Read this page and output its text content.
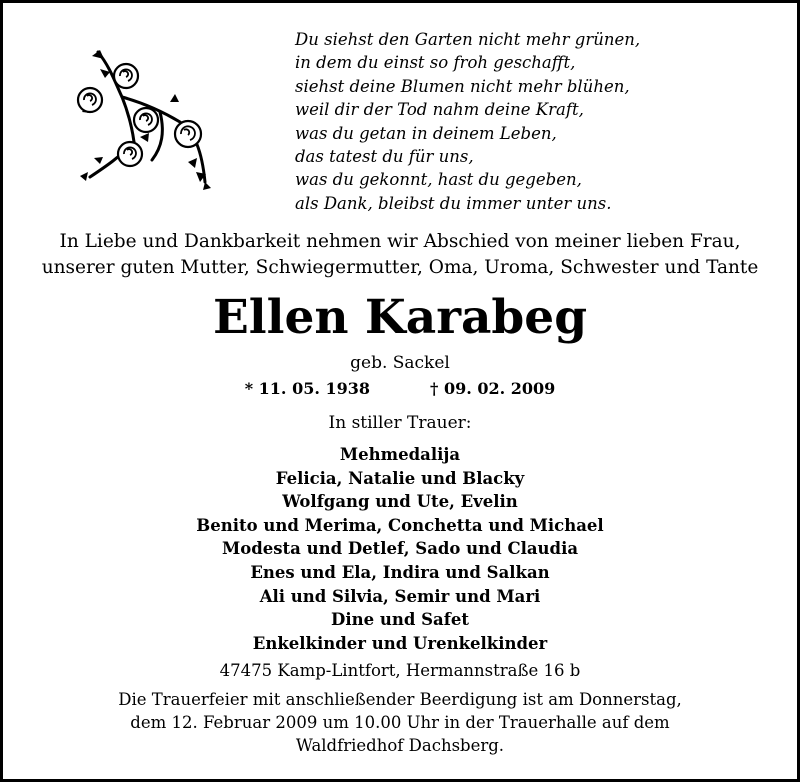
Du siehst den Garten nicht mehr grünen,
in dem du einst so froh geschafft,
siehst deine Blumen nicht mehr blühen,
weil dir der Tod nahm deine Kraft,
was du getan in deinem Leben,
das tatest du für uns,
was du gekonnt, hast du gegeben,
als Dank, bleibst du immer unter uns.
In Liebe und Dankbarkeit nehmen wir Abschied von meiner lieben Frau,
unserer guten Mutter, Schwiegermutter, Oma, Uroma, Schwester und Tante
Ellen Karabeg
geb. Sackel
* 11. 05. 1938	† 09. 02. 2009
In stiller Trauer:
Mehmedalija
Felicia, Natalie und Blacky
Wolfgang und Ute, Evelin
Benito und Merima, Conchetta und Michael
Modesta und Detlef, Sado und Claudia
Enes und Ela, Indira und Salkan
Ali und Silvia, Semir und Mari
Dine und Safet
Enkelkinder und Urenkelkinder
47475 Kamp-Lintfort, Hermannstraße 16 b
Die Trauerfeier mit anschließender Beerdigung ist am Donnerstag,
dem 12. Februar 2009 um 10.00 Uhr in der Trauerhalle auf dem
Waldfriedhof Dachsberg.
